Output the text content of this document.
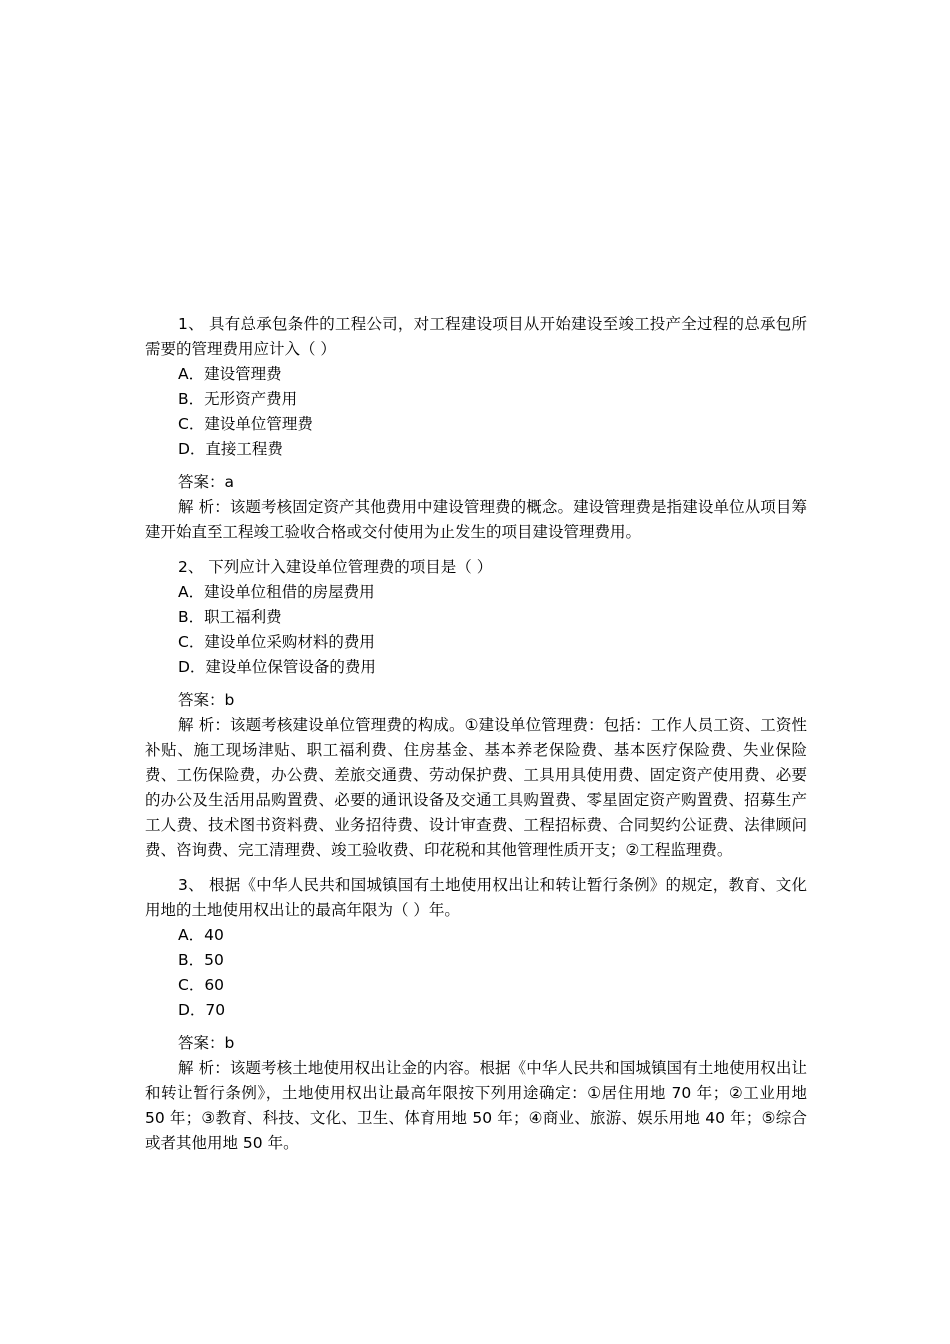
1、 具有总承包条件的工程公司，对工程建设项目从开始建设至竣工投产全过程的总承包所需要的管理费用应计入（ ）

A．建设管理费

B．无形资产费用

C．建设单位管理费

D．直接工程费

答案：a

解 析：该题考核固定资产其他费用中建设管理费的概念。建设管理费是指建设单位从项目筹建开始直至工程竣工验收合格或交付使用为止发生的项目建设管理费用。

2、 下列应计入建设单位管理费的项目是（ ）

A．建设单位租借的房屋费用

B．职工福利费

C．建设单位采购材料的费用

D．建设单位保管设备的费用

答案：b

解 析：该题考核建设单位管理费的构成。①建设单位管理费：包括：工作人员工资、工资性补贴、施工现场津贴、职工福利费、住房基金、基本养老保险费、基本医疗保险费、失业保险费、工伤保险费，办公费、差旅交通费、劳动保护费、工具用具使用费、固定资产使用费、必要的办公及生活用品购置费、必要的通讯设备及交通工具购置费、零星固定资产购置费、招募生产工人费、技术图书资料费、业务招待费、设计审查费、工程招标费、合同契约公证费、法律顾问费、咨询费、完工清理费、竣工验收费、印花税和其他管理性质开支；②工程监理费。

3、 根据《中华人民共和国城镇国有土地使用权出让和转让暂行条例》的规定，教育、文化用地的土地使用权出让的最高年限为（ ）年。

A．40

B．50

C．60

D．70

答案：b

解 析：该题考核土地使用权出让金的内容。根据《中华人民共和国城镇国有土地使用权出让和转让暂行条例》，土地使用权出让最高年限按下列用途确定：①居住用地 70 年；②工业用地 50 年；③教育、科技、文化、卫生、体育用地 50 年；④商业、旅游、娱乐用地 40 年；⑤综合或者其他用地 50 年。
